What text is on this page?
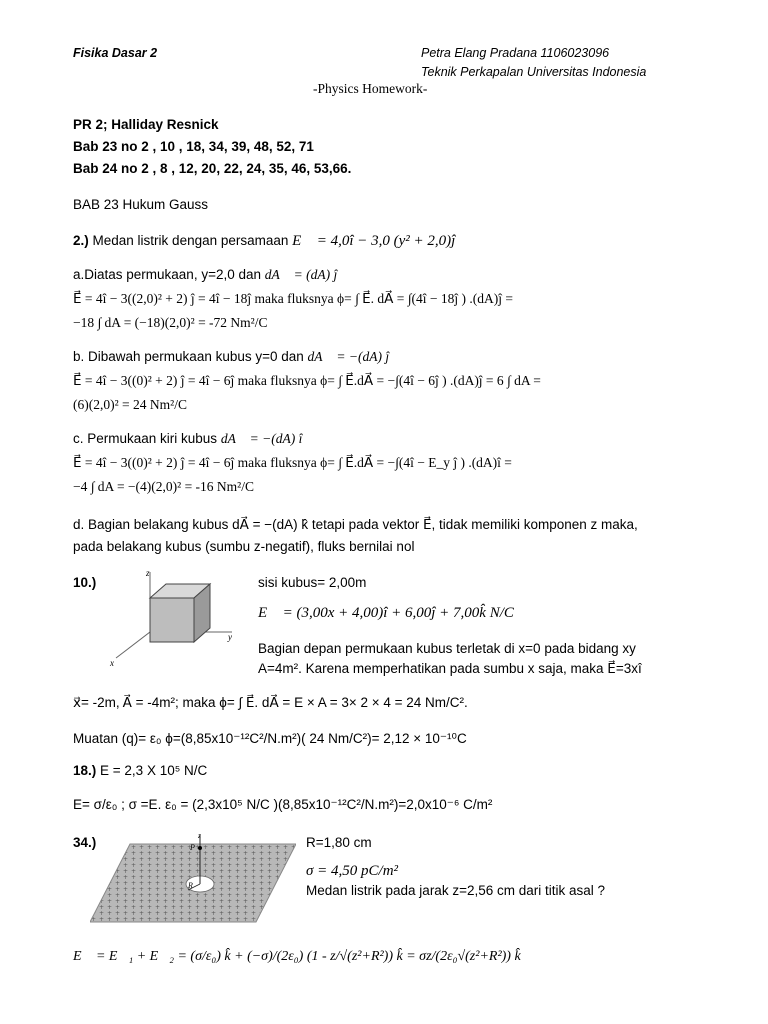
Fisika Dasar 2	Petra Elang Pradana 1106023096
Teknik Perkapalan Universitas Indonesia
-Physics Homework-
PR 2; Halliday Resnick
Bab 23 no 2 , 10 , 18, 34, 39, 48, 52, 71
Bab 24 no 2 , 8 , 12, 20, 22, 24, 35, 46, 53,66.
BAB 23 Hukum Gauss
2.) Medan listrik dengan persamaan E⃗ = 4,0î − 3,0 (y² + 2,0)ĵ
a.Diatas permukaan, y=2,0 dan dA⃗ = (dA) ĵ
E⃗ = 4î − 3((2,0)² + 2) ĵ = 4î − 18ĵ maka fluksnya ϕ= ∫ E⃗. dA⃗ = ∫(4î − 18ĵ ) .(dA)ĵ =
−18 ∫ dA = (−18)(2,0)² = -72 Nm²/C
b. Dibawah permukaan kubus y=0 dan dA⃗ = −(dA) ĵ
E⃗ = 4î − 3((0)² + 2) ĵ = 4î − 6ĵ maka fluksnya ϕ= ∫ E⃗.dA⃗ = −∫(4î − 6ĵ ) .(dA)ĵ = 6 ∫ dA =
(6)(2,0)² = 24 Nm²/C
c. Permukaan kiri kubus dA⃗ = −(dA) î
E⃗ = 4î − 3((0)² + 2) ĵ = 4î − 6ĵ maka fluksnya ϕ= ∫ E⃗.dA⃗ = −∫(4î − E_y ĵ ) .(dA)î =
−4 ∫ dA = −(4)(2,0)² = -16 Nm²/C
d. Bagian belakang kubus dA⃗ = −(dA) k̂ tetapi pada vektor E⃗, tidak memiliki komponen z maka,
pada belakang kubus (sumbu z-negatif), fluks bernilai nol
10.)
z
y
x
sisi kubus= 2,00m
E⃗ = (3,00x + 4,00)î + 6,00ĵ + 7,00k̂ N/C
Bagian depan permukaan kubus terletak di x=0 pada bidang xy
A=4m². Karena memperhatikan pada sumbu x saja, maka E⃗=3xî
x⃗= -2m, A⃗ = -4m²; maka ϕ= ∫ E⃗. dA⃗ = E × A = 3× 2 × 4 = 24 Nm/C².
Muatan (q)= ε₀ ϕ=(8,85x10⁻¹²C²/N.m²)( 24 Nm/C²)= 2,12 × 10⁻¹⁰C
18.) E = 2,3 X 10⁵ N/C
E= σ/ε₀ ; σ =E. ε₀ = (2,3x10⁵ N/C )(8,85x10⁻¹²C²/N.m²)=2,0x10⁻⁶ C/m²
34.)	z
P
R
R=1,80 cm
σ = 4,50 pC/m²
Medan listrik pada jarak z=2,56 cm dari titik asal ?
E⃗ = E⃗₁ + E⃗₂ = (σ/ε₀) k̂ + (−σ)/(2ε₀) (1 - z/√(z²+R²)) k̂ = σz/(2ε₀√(z²+R²)) k̂
